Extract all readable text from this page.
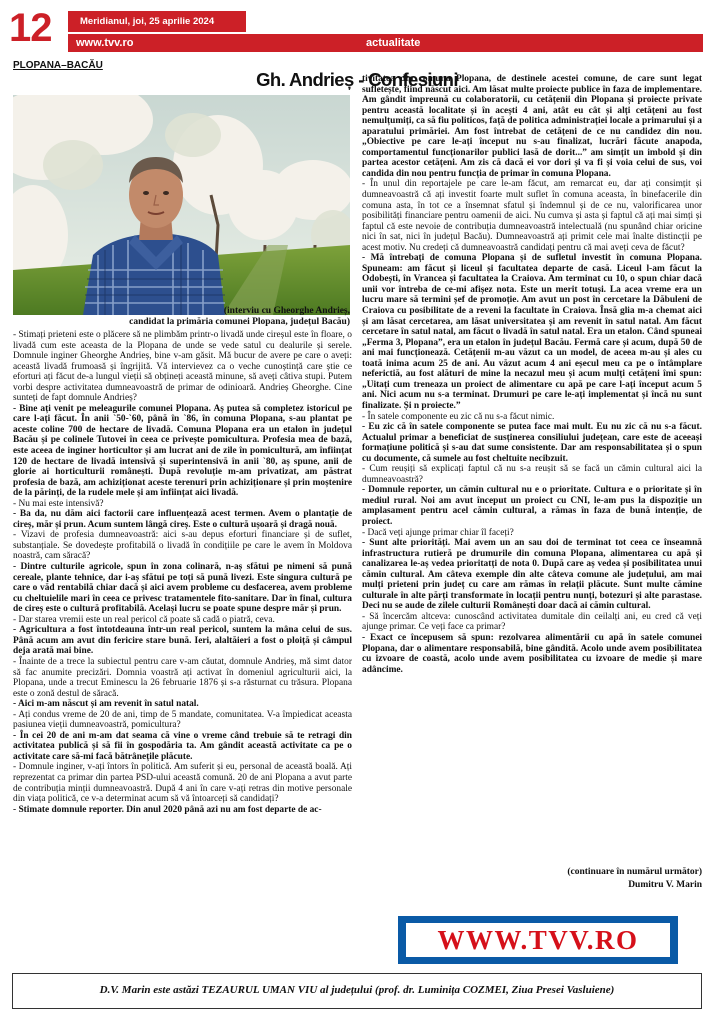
12	Meridianul, joi, 25 aprilie 2024
www.tvv.ro	actualitate
PLOPANA–BACĂU
Gh. Andrieș - Confesiuni
(interviu cu Gheorghe Andrieș,
candidat la primăria comunei Plopana, județul Bacău)

- Stimați prieteni este o plăcere să ne plimbăm printr-o livadă unde cireșul este în floare, o livadă cum este aceasta de la Plopana de unde se vede satul cu dealurile și serele. Domnule inginer Gheorghe Andrieș, bine v-am găsit. Mă bucur de avere pe care o aveți: această livadă frumoasă și îngrijită. Vă intervievez ca o veche cunoștință care știe ce eforturi ați făcut de-a lungul vieții să obțineți această minune, să aveți câtiva stupi. Putem vorbi despre activitatea dumneavoastră de primar de odinioară. Andrieș Gheorghe. Cine sunteți de fapt domnule Andrieș?

- Bine ați venit pe meleagurile comunei Plopana. Aș putea să completez istoricul pe care l-ați făcut. În anii `50-`60, până în `86, în comuna Plopana, s-au plantat pe aceste coline 700 de hectare de livadă. Comuna Plopana era un etalon în județul Bacău și pe colinele Tutovei în ceea ce privește pomicultura. Profesia mea de bază, este aceea de inginer horticultor și am lucrat ani de zile în pomicultură, am înființat 120 de hectare de livadă intensivă și superintensivă în anii `80, aș spune, anii de glorie ai horticulturii românești. După revoluție m-am privatizat, am păstrat profesia de bază, am achiziționat aceste terenuri prin achiziționare și prin moștenire de la părinți, de la rudele mele și am înființat aici livadă.

- Nu mai este intensivă?

- Ba da, nu dăm aici factorii care influențează acest termen. Avem o plantație de cireș, măr și prun. Acum suntem lângă cireș. Este o cultură ușoară și dragă nouă.

- Vizavi de profesia dumneavoastră: aici s-au depus eforturi financiare și de suflet, substanțiale. Se dovedește profitabilă o livadă în condițiile pe care le avem în Moldova noastră, cam săracă?

- Dintre culturile agricole, spun în zona colinară, n-aș sfătui pe nimeni să pună cereale, plante tehnice, dar i-aș sfătui pe toți să pună livezi. Este singura cultură pe care o văd rentabilă chiar dacă și aici avem probleme cu desfacerea, avem probleme cu cheltuielile mari în ceea ce privesc tratamentele fito-sanitare. Dar în final, cultura de cireș este o cultură profitabilă. Același lucru se poate spune despre măr și prun.

- Dar starea vremii este un real pericol că poate să cadă o piatră, ceva.

- Agricultura a fost întotdeauna într-un real pericol, suntem la mâna celui de sus. Până acum am avut din fericire stare bună. Ieri, alaltăieri a fost o ploiță și câmpul deja arată mai bine.

- Înainte de a trece la subiectul pentru care v-am căutat, domnule Andrieș, mă simt dator să fac anumite precizări. Domnia voastră ați activat în domeniul agriculturii aici, la Plopana, unde a trecut Eminescu la 26 februarie 1876 și s-a răsturnat cu trăsura. Plopana este o zonă destul de săracă.

- Aici m-am născut și am revenit în satul natal.

- Ați condus vreme de 20 de ani, timp de 5 mandate, comunitatea. V-a împiedicat aceasta pasiunea vieții dumneavoastră, pomicultura?

- În cei 20 de ani m-am dat seama că vine o vreme când trebuie să te retragi din activitatea publică și să fii în gospodăria ta. Am gândit această activitate ca pe o activitate care să-mi facă bătrânețile plăcute.

- Domnule inginer, v-ați întors în politică. Am suferit și eu, personal de această boală. Ați reprezentat ca primar din partea PSD-ului această comună. 20 de ani Plopana a avut parte de contribuția minții dumneavoastră. După 4 ani în care v-ați retras din motive personale din viața politică, ce v-a determinat acum să vă întoarceți să candidați?

- Stimate domnule reporter. Din anul 2020 până azi nu am fost departe de ac-

tivitatea din comuna Plopana, de destinele acestei comune, de care sunt legat sufletește, fiind născut aici. Am lăsat multe proiecte publice în faza de implementare. Am gândit împreună cu colaboratorii, cu cetățenii din Plopana și proiecte private pentru această localitate și în acești 4 ani, atât eu cât și alți cetățeni au fost nemulțumiți, ca să fiu politicos, față de politica administrației locale a primarului și a aparatului primăriei. Am fost întrebat de cetățeni de ce nu candidez din nou. „Obiective pe care le-ați început nu s-au finalizat, lucrări făcute anapoda, comportamentul funcționarilor publici lasă de dorit...” am simțit un imbold și din partea acestor cetățeni. Am zis că dacă ei vor dori și va fi și voia celui de sus, voi candida din nou pentru funcția de primar în comuna Plopana.

- În unul din reportajele pe care le-am făcut, am remarcat eu, dar ați consimțit și dumneavoastră că ați investit foarte mult suflet în comuna aceasta, în binefacerile din comuna asta, în tot ce a însemnat sfatul și îndemnul și de ce nu, valorificarea unor posibilități financiare pentru oamenii de aici. Nu cumva și asta și faptul că ați mai simți și faptul că este nevoie de contribuția dumneavoastră intelectuală (nu spunând chiar oricine nici în sat, nici în județul Bacău). Dumneavoastră ați primit cele mai înalte distincții pe acest motiv. Nu credeți că dumneavoastră candidați pentru că mai aveți ceva de făcut?

- Mă întrebați de comuna Plopana și de sufletul investit în comuna Plopana. Spuneam: am făcut și liceul și facultatea departe de casă. Liceul l-am făcut la Odobești, în Vrancea și facultatea la Craiova. Am terminat cu 10, o spun chiar dacă unii vor întreba de ce-mi afișez nota. Este un merit totuși. La acea vreme era un lucru mare să termini șef de promoție. Am avut un post în cercetare la Dăbuleni de Craiova cu posibilitate de a reveni la facultate în Craiova. Însă glia m-a chemat aici și am lăsat cercetarea, am lăsat universitatea și am revenit în satul natal. Am făcut cercetare în satul natal, am făcut o livadă în satul natal. Era un etalon. Când spuneai „Ferma 3, Plopana”, era un etalon în județul Bacău. Fermă care și acum, după 50 de ani mai funcționează. Cetățenii m-au văzut ca un model, de aceea m-au și ales cu toată inima acum 25 de ani. Au văzut acum 4 ani eșecul meu ca pe o întâmplare neferictiă, au fost alături de mine la necazul meu și acum mulți cetățeni îmi spun: „Uitați cum treneaza un proiect de alimentare cu apă pe care l-ați început acum 5 ani. Nici acum nu s-a terminat. Drumuri pe care le-ați implementat și încă nu sunt finalizate. Și n proiecte.”

- În satele componente eu zic că nu s-a făcut nimic.

- Eu zic că în satele componente se putea face mai mult. Eu nu zic că nu s-a făcut. Actualul primar a beneficiat de susținerea consiliului județean, care este de aceeași formațiune politică și s-au dat sume consistente. Dar am responsabilitatea și o spun cu documente, că sumele au fost cheltuite necibzuit.

- Cum reușiți să explicați faptul că nu s-a reușit să se facă un cămin cultural aici la dumneavoastră?

- Domnule reporter, un cămin cultural nu e o prioritate. Cultura e o prioritate și în mediul rural. Noi am avut început un proiect cu CNI, le-am pus la dispoziție un amplasament pentru acel cămin cultural, a rămas în faza de bună intenție, de proiect.

- Dacă veți ajunge primar chiar îl faceți?

- Sunt alte priorități. Mai avem un an sau doi de terminat tot ceea ce înseamnă infrastructura rutieră pe drumurile din comuna Plopana, alimentarea cu apă și canalizarea le-aș vedea prioritatți de nota 0. După care aș vedea și posibilitatea unui cămin cultural. Am câteva exemple din alte câteva comune ale județului, am mai mulți prieteni prin județ cu care am rămas în relații plăcute. Sunt multe cămine culturale în alte părți transformate în locații pentru nunți, botezuri și alte parastase. Deci nu se aude de zilele culturii Românești doar dacă ai cămin cultural.

- Să încercăm altceva: cunoscând activitatea dumitale din ceilalți ani, eu cred că veți ajunge primar. Ce veți face ca primar?

- Exact ce începusem să spun: rezolvarea alimentării cu apă în satele comunei Plopana, dar o alimentare responsabilă, bine gândită. Acolo unde avem posibilitatea cu izvoare de coastă, acolo unde avem posibilitatea cu izvoare de medie și mare adâncime.

(continuare în numărul următor)
Dumitru V. Marin
WWW.TVV.RO
D.V. Marin este astăzi TEZAURUL UMAN VIU al județului (prof. dr. Luminița COZMEI, Ziua Presei Vasluiene)
